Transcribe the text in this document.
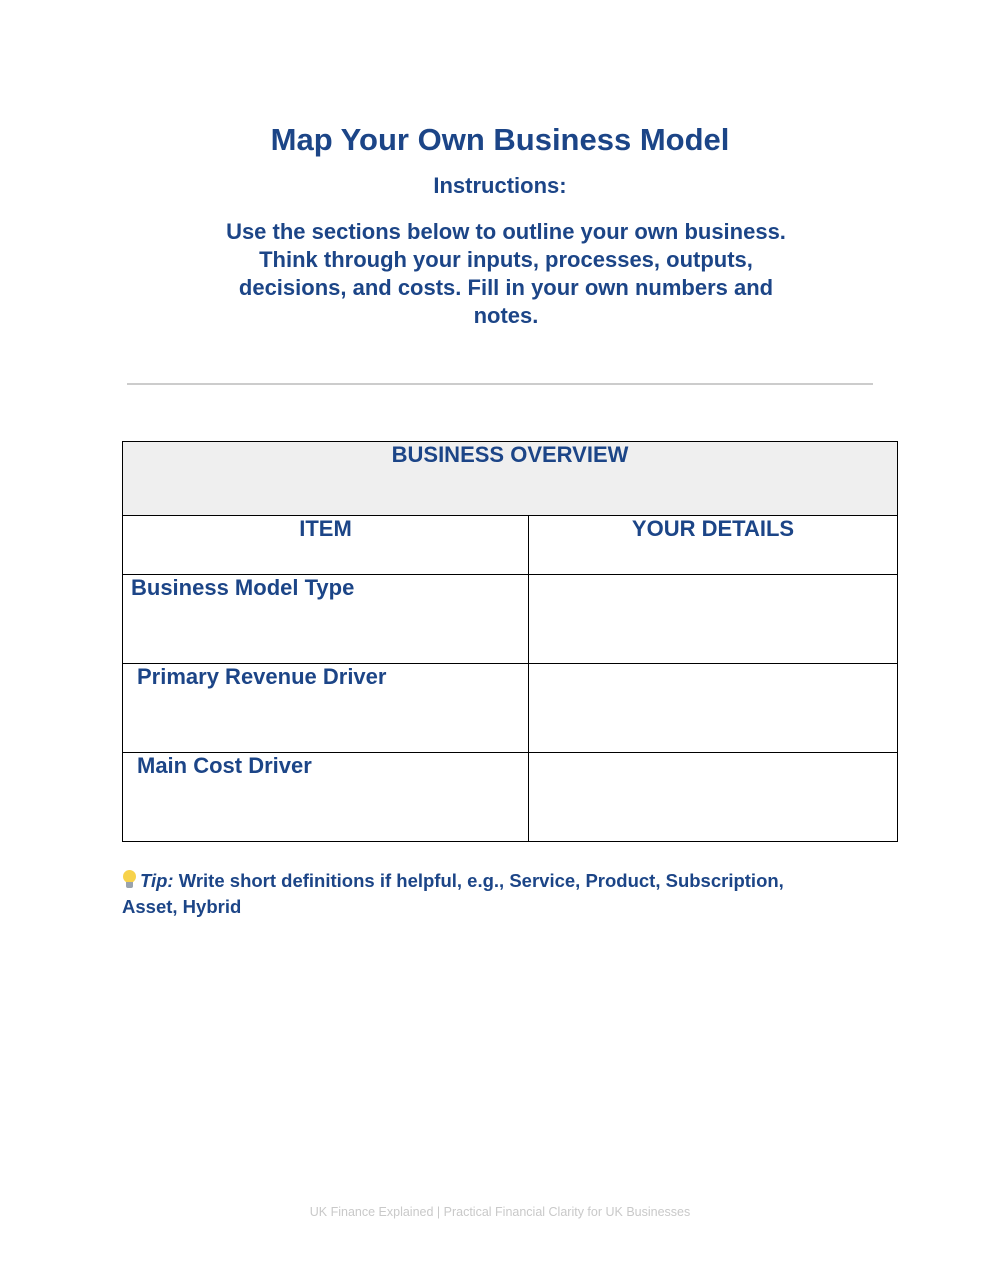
Map Your Own Business Model
Instructions:
Use the sections below to outline your own business.
Think through your inputs, processes, outputs,
decisions, and costs. Fill in your own numbers and
notes.
BUSINESS OVERVIEW	
ITEM	YOUR DETAILS
Business Model Type	
Primary Revenue Driver	
Main Cost Driver	
Tip: Write short definitions if helpful, e.g., Service, Product, Subscription, Asset, Hybrid
UK Finance Explained | Practical Financial Clarity for UK Businesses
